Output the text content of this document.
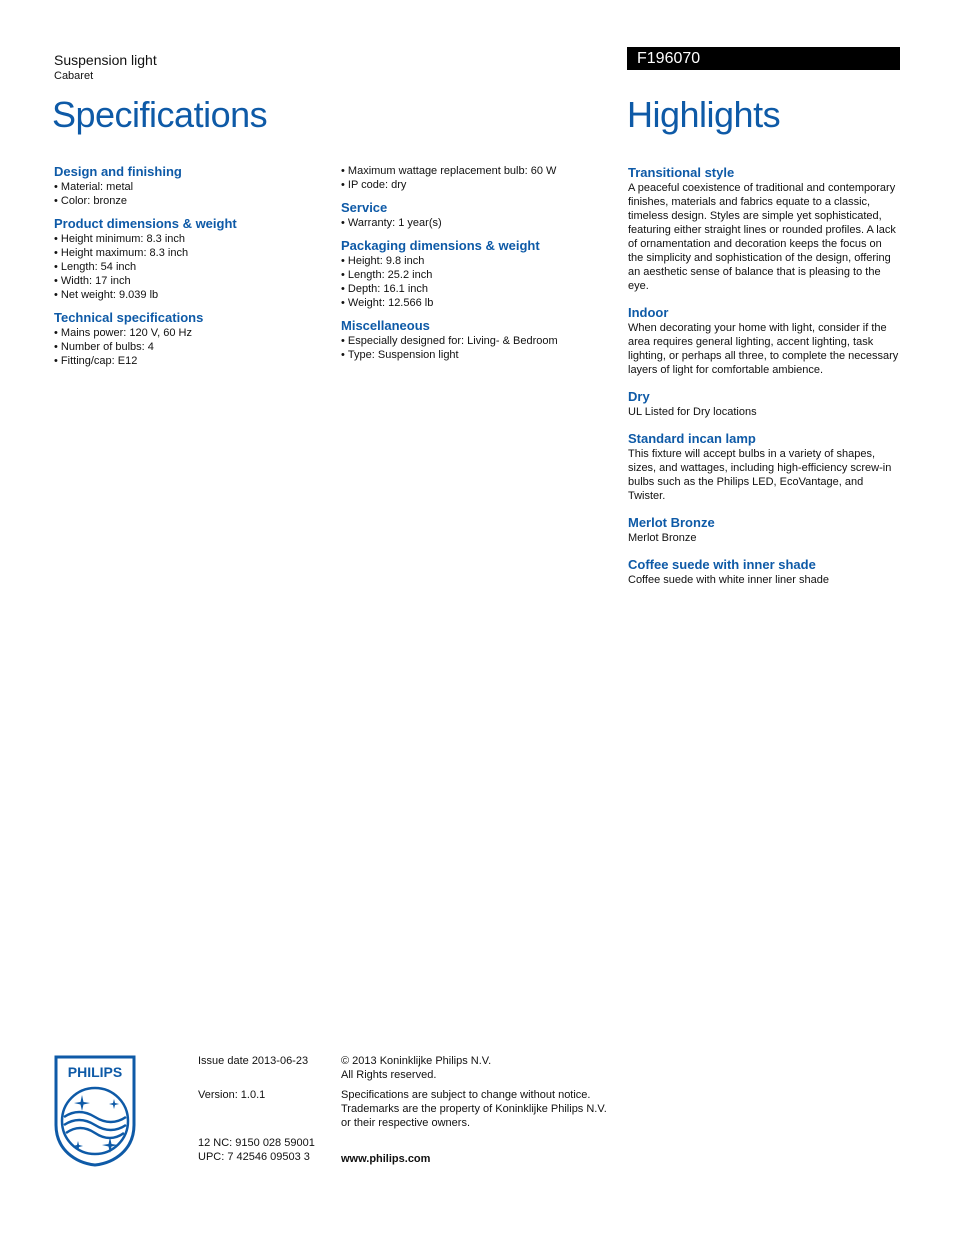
Suspension light
Cabaret
F196070
Specifications	Highlights
Design and finishing
• Material: metal
• Color: bronze
Product dimensions & weight
• Height minimum: 8.3 inch
• Height maximum: 8.3 inch
• Length: 54 inch
• Width: 17 inch
• Net weight: 9.039 lb
Technical specifications
• Mains power: 120 V, 60 Hz
• Number of bulbs: 4
• Fitting/cap: E12
• Maximum wattage replacement bulb: 60 W
• IP code: dry
Service
• Warranty: 1 year(s)
Packaging dimensions & weight
• Height: 9.8 inch
• Length: 25.2 inch
• Depth: 16.1 inch
• Weight: 12.566 lb
Miscellaneous
• Especially designed for: Living- & Bedroom
• Type: Suspension light
Transitional style

A peaceful coexistence of traditional and contemporary finishes, materials and fabrics equate to a classic, timeless design. Styles are simple yet sophisticated, featuring either straight lines or rounded profiles. A lack of ornamentation and decoration keeps the focus on the simplicity and sophistication of the design, offering an aesthetic sense of balance that is pleasing to the eye.

Indoor

When decorating your home with light, consider if the area requires general lighting, accent lighting, task lighting, or perhaps all three, to complete the necessary layers of light for comfortable ambience.

Dry

UL Listed for Dry locations

Standard incan lamp

This fixture will accept bulbs in a variety of shapes, sizes, and wattages, including high-efficiency screw-in bulbs such as the Philips LED, EcoVantage, and Twister.

Merlot Bronze

Merlot Bronze

Coffee suede with inner shade

Coffee suede with white inner liner shade

PHILIPS

Issue date 2013-06-23

Version: 1.0.1

12 NC: 9150 028 59001

UPC: 7 42546 09503 3

© 2013 Koninklijke Philips N.V.

All Rights reserved.

Specifications are subject to change without notice.

Trademarks are the property of Koninklijke Philips N.V.

or their respective owners.

www.philips.com
